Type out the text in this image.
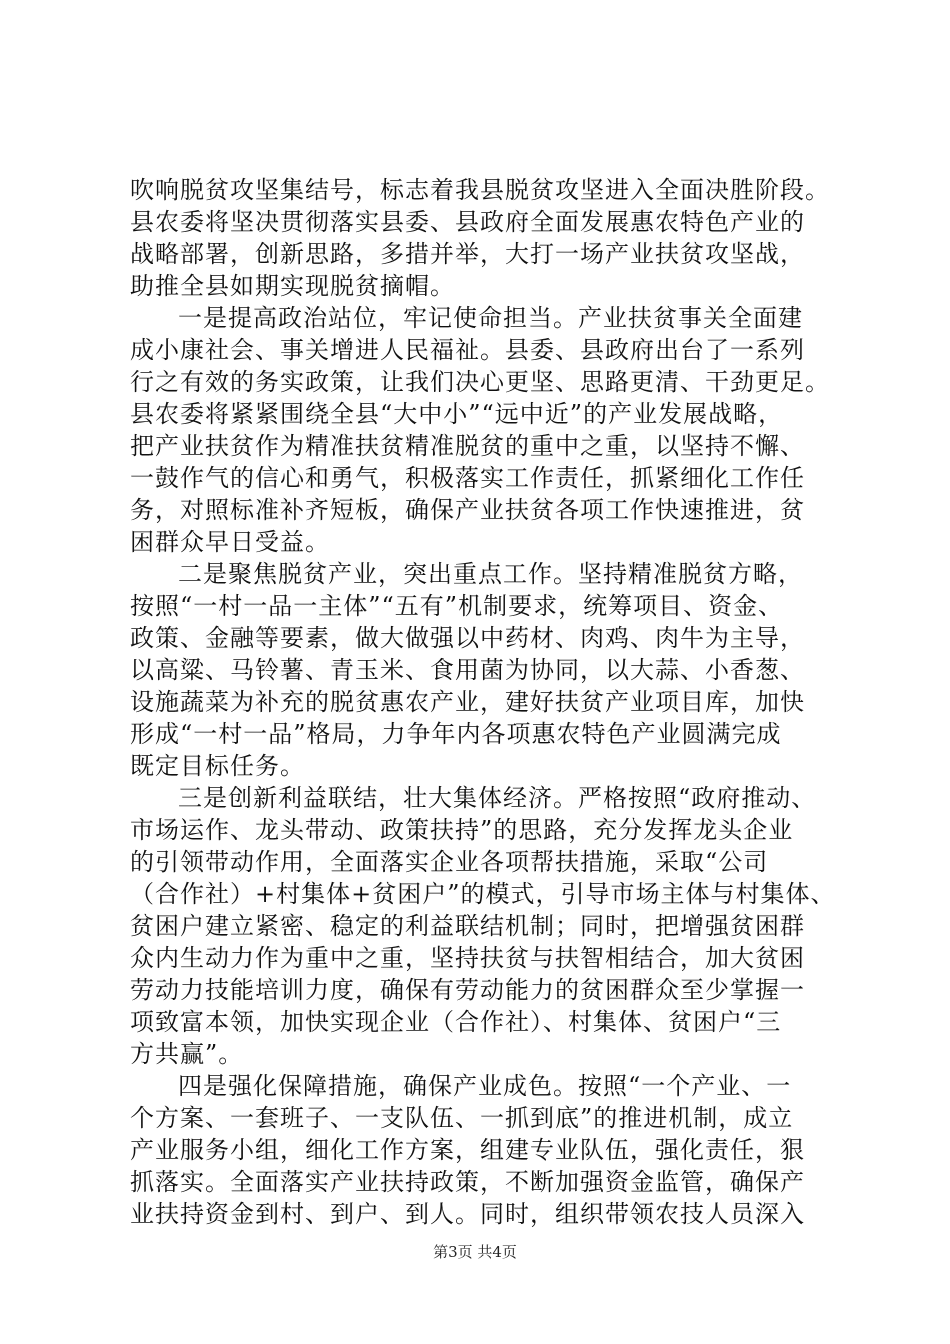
吹响脱贫攻坚集结号，标志着我县脱贫攻坚进入全面决胜阶段。
县农委将坚决贯彻落实县委、县政府全面发展惠农特色产业的
战略部署，创新思路，多措并举，大打一场产业扶贫攻坚战，
助推全县如期实现脱贫摘帽。

一是提高政治站位，牢记使命担当。产业扶贫事关全面建
成小康社会、事关增进人民福祉。县委、县政府出台了一系列
行之有效的务实政策，让我们决心更坚、思路更清、干劲更足。
县农委将紧紧围绕全县“大中小”“远中近”的产业发展战略，
把产业扶贫作为精准扶贫精准脱贫的重中之重，以坚持不懈、
一鼓作气的信心和勇气，积极落实工作责任，抓紧细化工作任
务，对照标准补齐短板，确保产业扶贫各项工作快速推进，贫
困群众早日受益。

二是聚焦脱贫产业，突出重点工作。坚持精准脱贫方略，
按照“一村一品一主体”“五有”机制要求，统筹项目、资金、
政策、金融等要素，做大做强以中药材、肉鸡、肉牛为主导，
以高粱、马铃薯、青玉米、食用菌为协同，以大蒜、小香葱、
设施蔬菜为补充的脱贫惠农产业，建好扶贫产业项目库，加快
形成“一村一品”格局，力争年内各项惠农特色产业圆满完成
既定目标任务。

三是创新利益联结，壮大集体经济。严格按照“政府推动、
市场运作、龙头带动、政策扶持”的思路，充分发挥龙头企业
的引领带动作用，全面落实企业各项帮扶措施，采取“公司
（合作社）+村集体+贫困户”的模式，引导市场主体与村集体、
贫困户建立紧密、稳定的利益联结机制；同时，把增强贫困群
众内生动力作为重中之重，坚持扶贫与扶智相结合，加大贫困
劳动力技能培训力度，确保有劳动能力的贫困群众至少掌握一
项致富本领，加快实现企业（合作社）、村集体、贫困户“三
方共赢”。

四是强化保障措施，确保产业成色。按照“一个产业、一
个方案、一套班子、一支队伍、一抓到底”的推进机制，成立
产业服务小组，细化工作方案，组建专业队伍，强化责任，狠
抓落实。全面落实产业扶持政策，不断加强资金监管，确保产
业扶持资金到村、到户、到人。同时，组织带领农技人员深入

第3页 共4页
